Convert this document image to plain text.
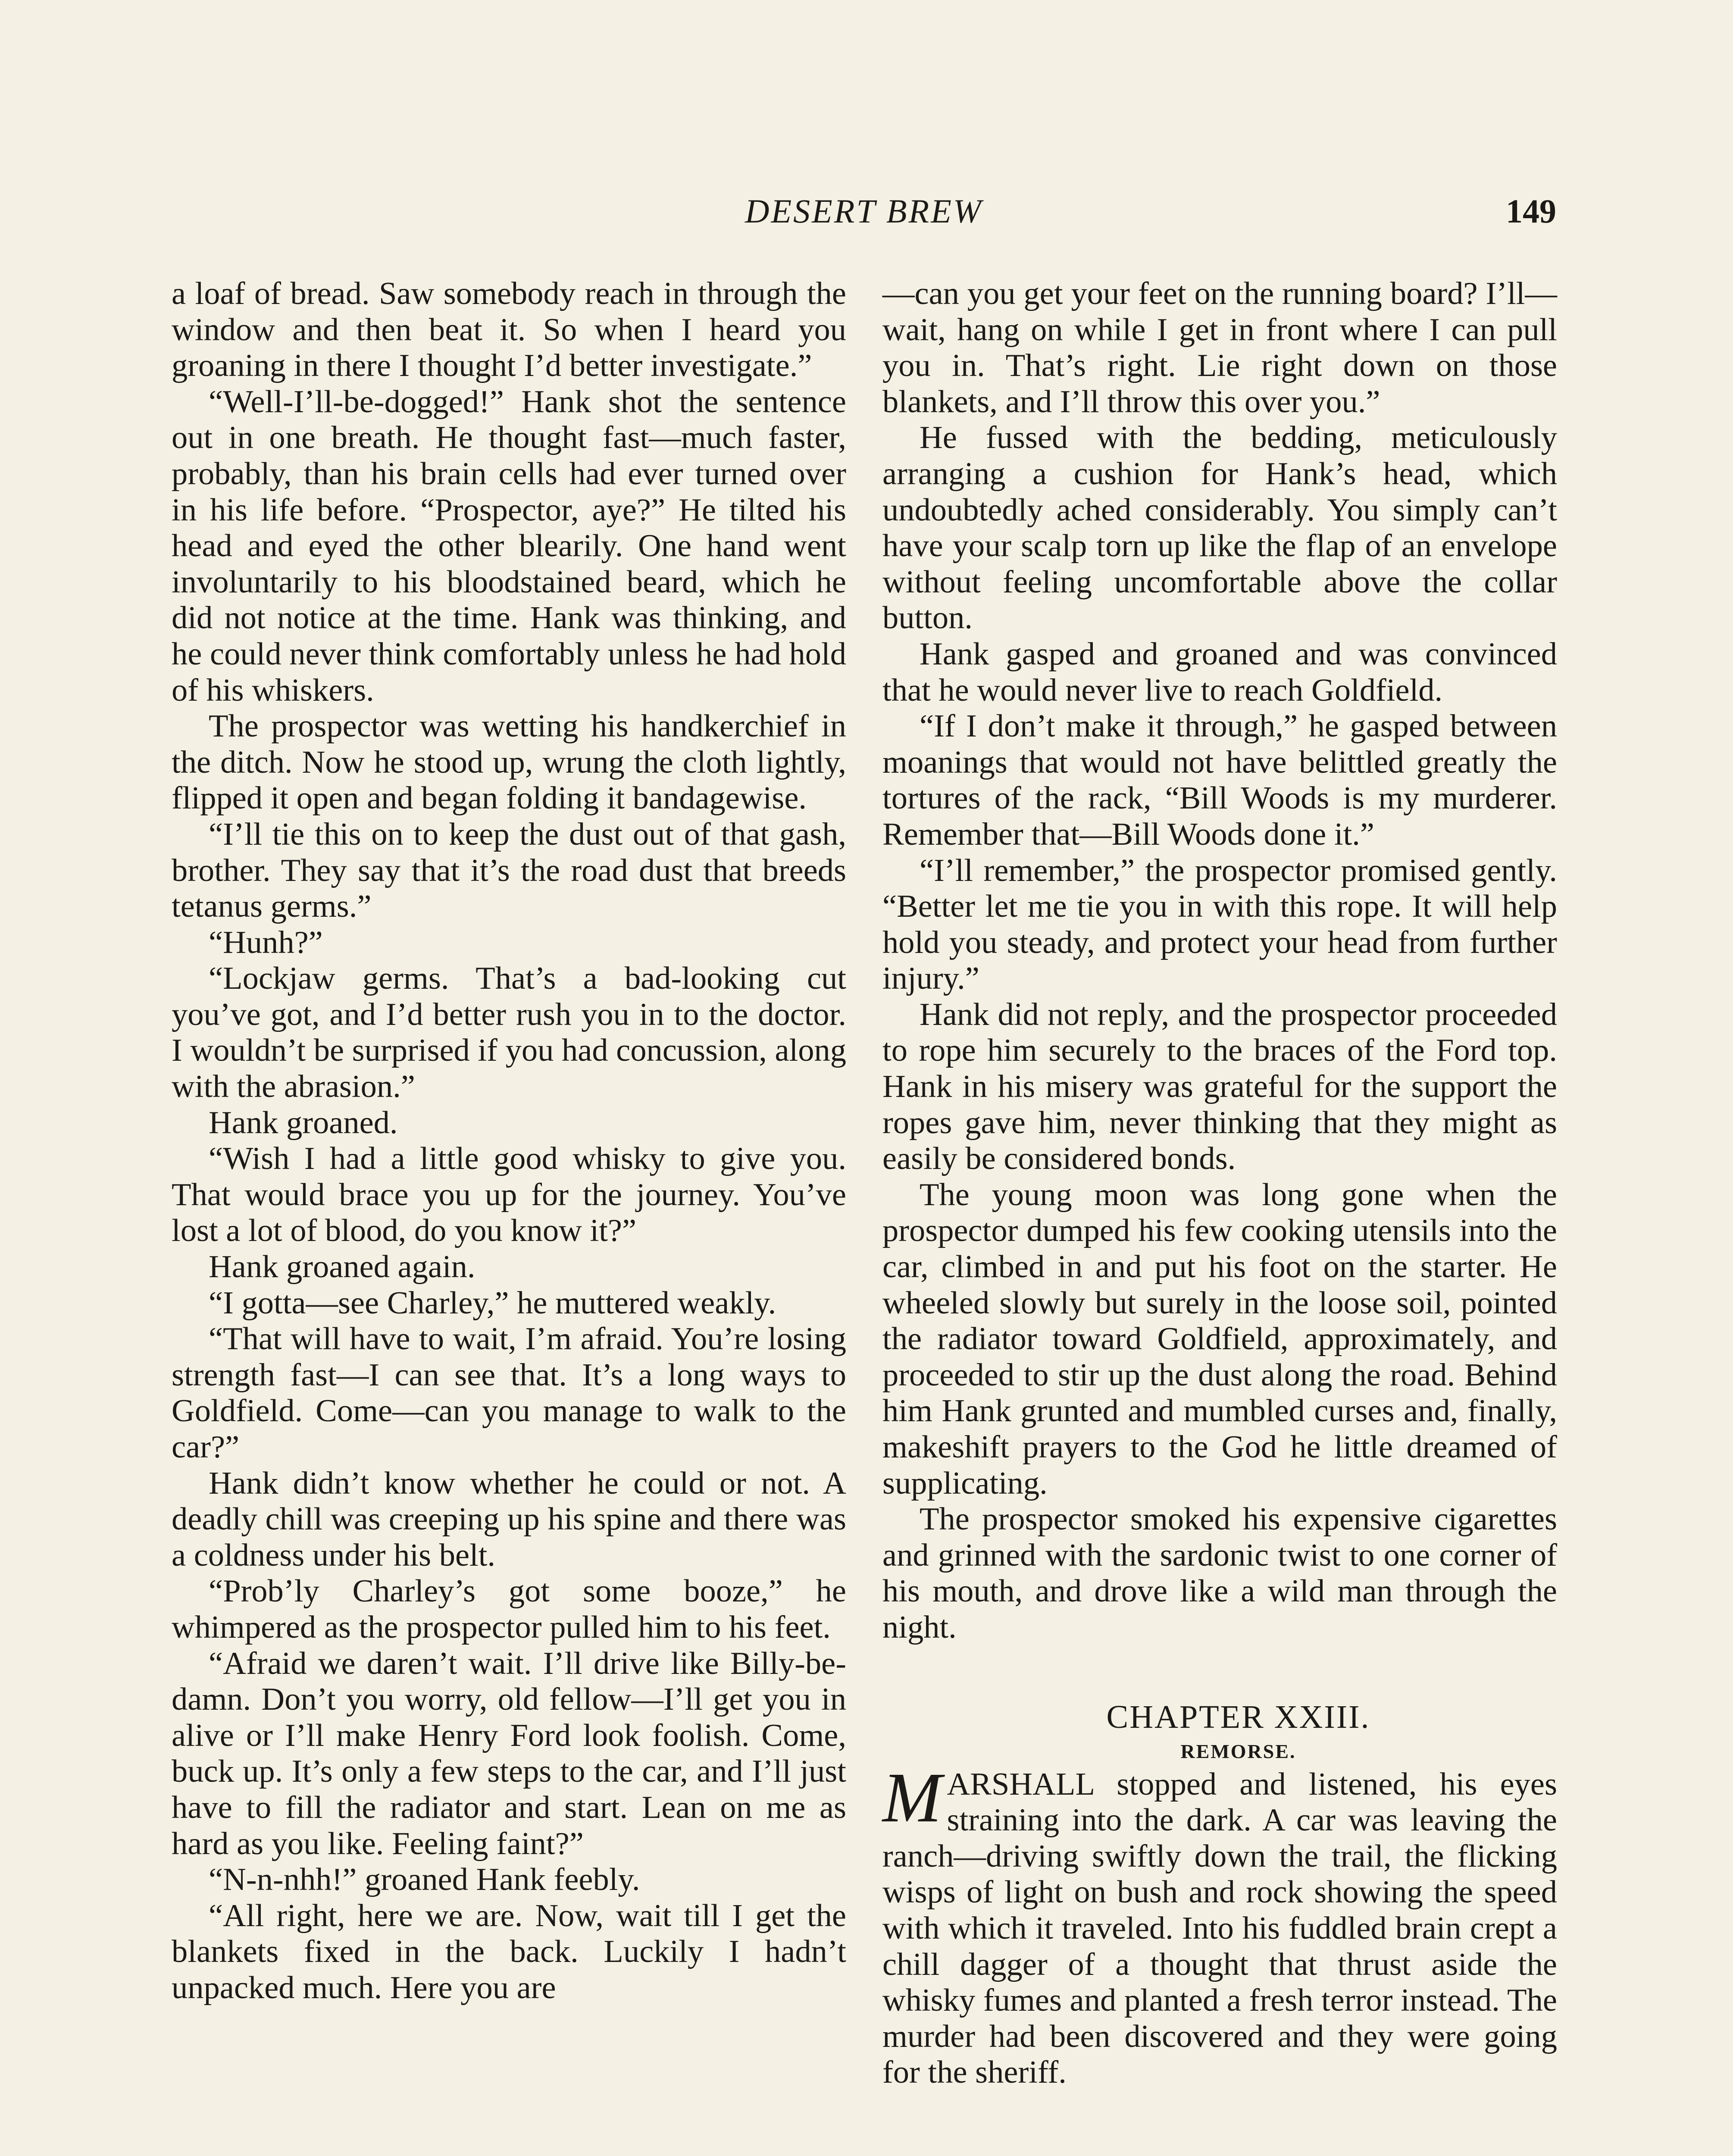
DESERT BREW	149

a loaf of bread. Saw somebody reach in through the window and then beat it. So when I heard you groaning in there I thought I’d better investigate.”

“Well-I’ll-be-dogged!” Hank shot the sentence out in one breath. He thought fast—much faster, probably, than his brain cells had ever turned over in his life before. “Prospector, aye?” He tilted his head and eyed the other blearily. One hand went involuntarily to his bloodstained beard, which he did not notice at the time. Hank was thinking, and he could never think comfortably unless he had hold of his whiskers.

The prospector was wetting his handkerchief in the ditch. Now he stood up, wrung the cloth lightly, flipped it open and began folding it bandagewise.

“I’ll tie this on to keep the dust out of that gash, brother. They say that it’s the road dust that breeds tetanus germs.”

“Hunh?”

“Lockjaw germs. That’s a bad-looking cut you’ve got, and I’d better rush you in to the doctor. I wouldn’t be surprised if you had concussion, along with the abrasion.”

Hank groaned.

“Wish I had a little good whisky to give you. That would brace you up for the journey. You’ve lost a lot of blood, do you know it?”

Hank groaned again.

“I gotta—see Charley,” he muttered weakly.

“That will have to wait, I’m afraid. You’re losing strength fast—I can see that. It’s a long ways to Goldfield. Come—can you manage to walk to the car?”

Hank didn’t know whether he could or not. A deadly chill was creeping up his spine and there was a coldness under his belt.

“Prob’ly Charley’s got some booze,” he whimpered as the prospector pulled him to his feet.

“Afraid we daren’t wait. I’ll drive like Billy-be-damn. Don’t you worry, old fellow—I’ll get you in alive or I’ll make Henry Ford look foolish. Come, buck up. It’s only a few steps to the car, and I’ll just have to fill the radiator and start. Lean on me as hard as you like. Feeling faint?”

“N-n-nhh!” groaned Hank feebly.

“All right, here we are. Now, wait till I get the blankets fixed in the back. Luckily I hadn’t unpacked much. Here you are

—can you get your feet on the running board? I’ll—wait, hang on while I get in front where I can pull you in. That’s right. Lie right down on those blankets, and I’ll throw this over you.”

He fussed with the bedding, meticulously arranging a cushion for Hank’s head, which undoubtedly ached considerably. You simply can’t have your scalp torn up like the flap of an envelope without feeling uncomfortable above the collar button.

Hank gasped and groaned and was convinced that he would never live to reach Goldfield.

“If I don’t make it through,” he gasped between moanings that would not have belittled greatly the tortures of the rack, “Bill Woods is my murderer. Remember that—Bill Woods done it.”

“I’ll remember,” the prospector promised gently. “Better let me tie you in with this rope. It will help hold you steady, and protect your head from further injury.”

Hank did not reply, and the prospector proceeded to rope him securely to the braces of the Ford top. Hank in his misery was grateful for the support the ropes gave him, never thinking that they might as easily be considered bonds.

The young moon was long gone when the prospector dumped his few cooking utensils into the car, climbed in and put his foot on the starter. He wheeled slowly but surely in the loose soil, pointed the radiator toward Goldfield, approximately, and proceeded to stir up the dust along the road. Behind him Hank grunted and mumbled curses and, finally, makeshift prayers to the God he little dreamed of supplicating.

The prospector smoked his expensive cigarettes and grinned with the sardonic twist to one corner of his mouth, and drove like a wild man through the night.

CHAPTER XXIII.

REMORSE.

MARSHALL stopped and listened, his eyes straining into the dark. A car was leaving the ranch—driving swiftly down the trail, the flicking wisps of light on bush and rock showing the speed with which it traveled. Into his fuddled brain crept a chill dagger of a thought that thrust aside the whisky fumes and planted a fresh terror instead. The murder had been discovered and they were going for the sheriff.
